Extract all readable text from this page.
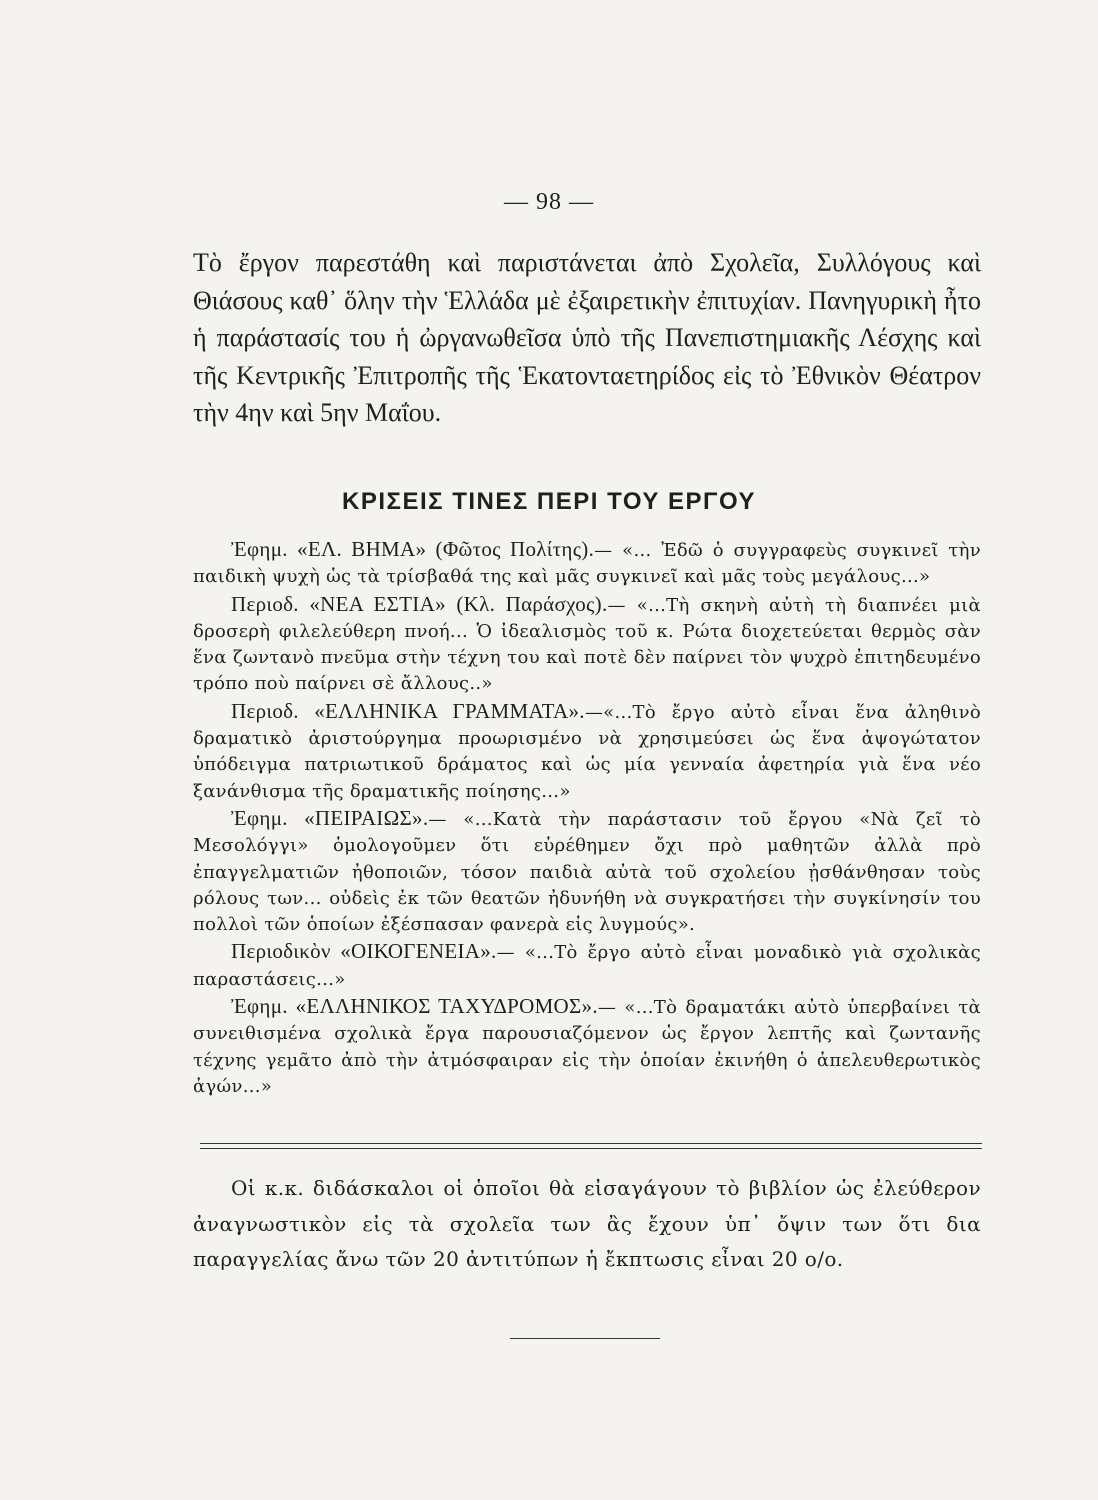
— 98 —

Τὸ ἔργον παρεστάθη καὶ παριστάνεται ἀπὸ Σχολεῖα, Συλλόγους καὶ Θιάσους καθ᾿ ὅλην τὴν Ἑλλάδα μὲ ἐξαιρετικὴν ἐπιτυχίαν. Πανηγυρικὴ ἦτο ἡ παράστασίς του ἡ ὠργανωθεῖσα ὑπὸ τῆς Πανεπιστημιακῆς Λέσχης καὶ τῆς Κεντρικῆς Ἐπιτροπῆς τῆς Ἑκατονταετηρίδος εἰς τὸ Ἐθνικὸν Θέατρον τὴν 4ην καὶ 5ην Μαΐου.

ΚΡΙΣΕΙΣ ΤΙΝΕΣ ΠΕΡΙ ΤΟΥ ΕΡΓΟΥ

Ἐφημ. «ΕΛ. ΒΗΜΑ» (Φῶτος Πολίτης).— «... Ἐδῶ ὁ συγγραφεὺς συγκινεῖ τὴν παιδικὴ ψυχὴ ὡς τὰ τρίσβαθά της καὶ μᾶς συγκινεῖ καὶ μᾶς τοὺς μεγάλους...»

Περιοδ. «ΝΕΑ ΕΣΤΙΑ» (Κλ. Παράσχος).— «...Τὴ σκηνὴ αὐτὴ τὴ διαπνέει μιὰ δροσερὴ φιλελεύθερη πνοή... Ὁ ἰδεαλισμὸς τοῦ κ. Ρώτα διοχετεύεται θερμὸς σὰν ἕνα ζωντανὸ πνεῦμα στὴν τέχνη του καὶ ποτὲ δὲν παίρνει τὸν ψυχρὸ ἐπιτηδευμένο τρόπο ποὺ παίρνει σὲ ἄλλους..»

Περιοδ. «ΕΛΛΗΝΙΚΑ ΓΡΑΜΜΑΤΑ».—«...Τὸ ἔργο αὐτὸ εἶναι ἕνα ἀληθινὸ δραματικὸ ἀριστούργημα προωρισμένο νὰ χρησιμεύσει ὡς ἕνα ἀψογώτατον ὑπόδειγμα πατριωτικοῦ δράματος καὶ ὡς μία γενναία ἀφετηρία γιὰ ἕνα νέο ξανάνθισμα τῆς δραματικῆς ποίησης...»

Ἐφημ. «ΠΕΙΡΑΙΩΣ».— «...Κατὰ τὴν παράστασιν τοῦ ἔργου «Νὰ ζεῖ τὸ Μεσολόγγι» ὁμολογοῦμεν ὅτι εὑρέθημεν ὄχι πρὸ μαθητῶν ἀλλὰ πρὸ ἐπαγγελματιῶν ἠθοποιῶν, τόσον παιδιὰ αὐτὰ τοῦ σχολείου ᾐσθάνθησαν τοὺς ρόλους των... οὐδεὶς ἐκ τῶν θεατῶν ἠδυνήθη νὰ συγκρατήσει τὴν συγκίνησίν του πολλοὶ τῶν ὁποίων ἐξέσπασαν φανερὰ εἰς λυγμούς».

Περιοδικὸν «ΟΙΚΟΓΕΝΕΙΑ».— «...Τὸ ἔργο αὐτὸ εἶναι μοναδικὸ γιὰ σχολικὰς παραστάσεις...»

Ἐφημ. «ΕΛΛΗΝΙΚΟΣ ΤΑΧΥΔΡΟΜΟΣ».— «...Τὸ δραματάκι αὐτὸ ὑπερβαίνει τὰ συνειθισμένα σχολικὰ ἔργα παρουσιαζόμενον ὡς ἔργον λεπτῆς καὶ ζωντανῆς τέχνης γεμᾶτο ἀπὸ τὴν ἀτμόσφαιραν εἰς τὴν ὁποίαν ἐκινήθη ὁ ἀπελευθερωτικὸς ἀγών...»

Οἱ κ.κ. διδάσκαλοι οἱ ὁποῖοι θὰ εἰσαγάγουν τὸ βιβλίον ὡς ἐλεύθερον ἀναγνωστικὸν εἰς τὰ σχολεῖα των ἂς ἔχουν ὑπ᾿ ὄψιν των ὅτι δια παραγγελίας ἄνω τῶν 20 ἀντιτύπων ἡ ἔκπτωσις εἶναι 20 ο/ο.
